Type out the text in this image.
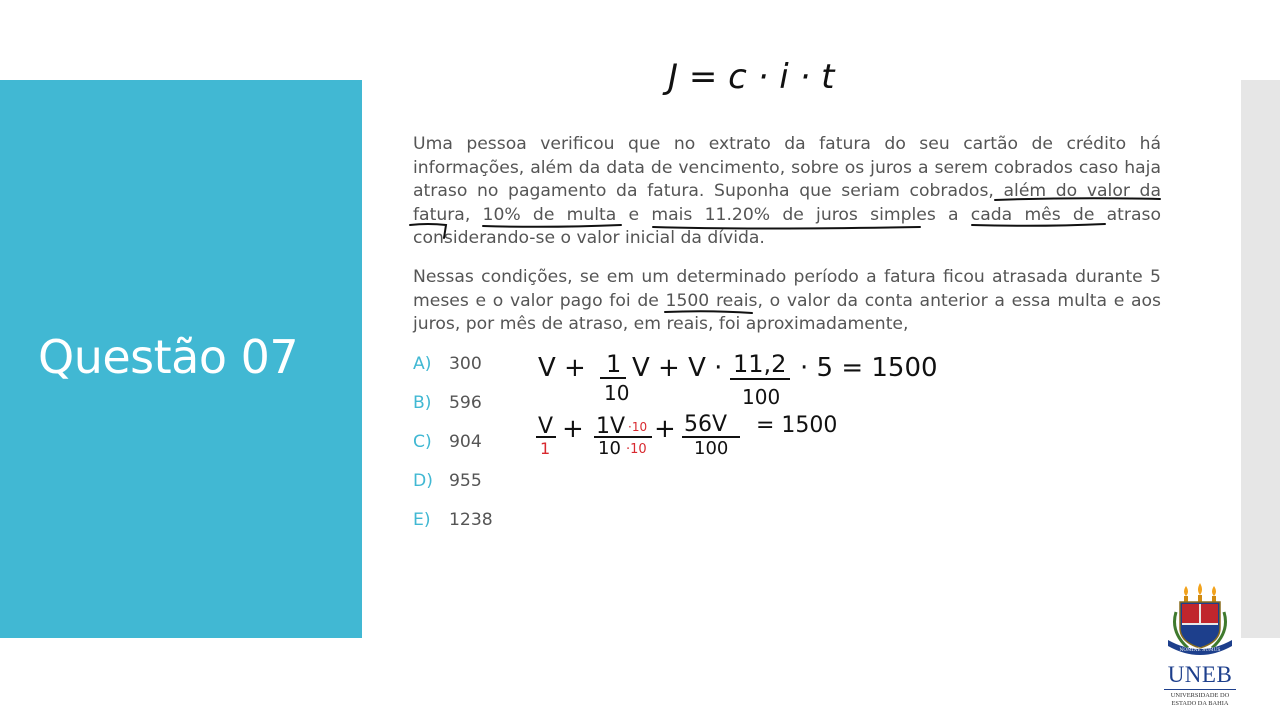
Questão 07

Uma pessoa verificou que no extrato da fatura do seu cartão de crédito há informações, além da data de vencimento, sobre os juros a serem cobrados caso haja atraso no pagamento da fatura. Suponha que seriam cobrados, além do valor da fatura, 10% de multa e mais 11.20% de juros simples a cada mês de atraso considerando-se o valor inicial da dívida.

Nessas condições, se em um determinado período a fatura ficou atrasada durante 5 meses e o valor pago foi de 1500 reais, o valor da conta anterior a essa multa e aos juros, por mês de atraso, em reais, foi aproximadamente,

A)	300
B)	596
C)	904
D) 955
E)	1238
J = c · i · t
V + 1
10
V + V · 11,2
100
· 5 = 1500
V
1
+ 1V ·10
10 ·10
+ 56V
100
= 1500
NOMINE SUMUS

UNEB

UNIVERSIDADE DO
ESTADO DA BAHIA
